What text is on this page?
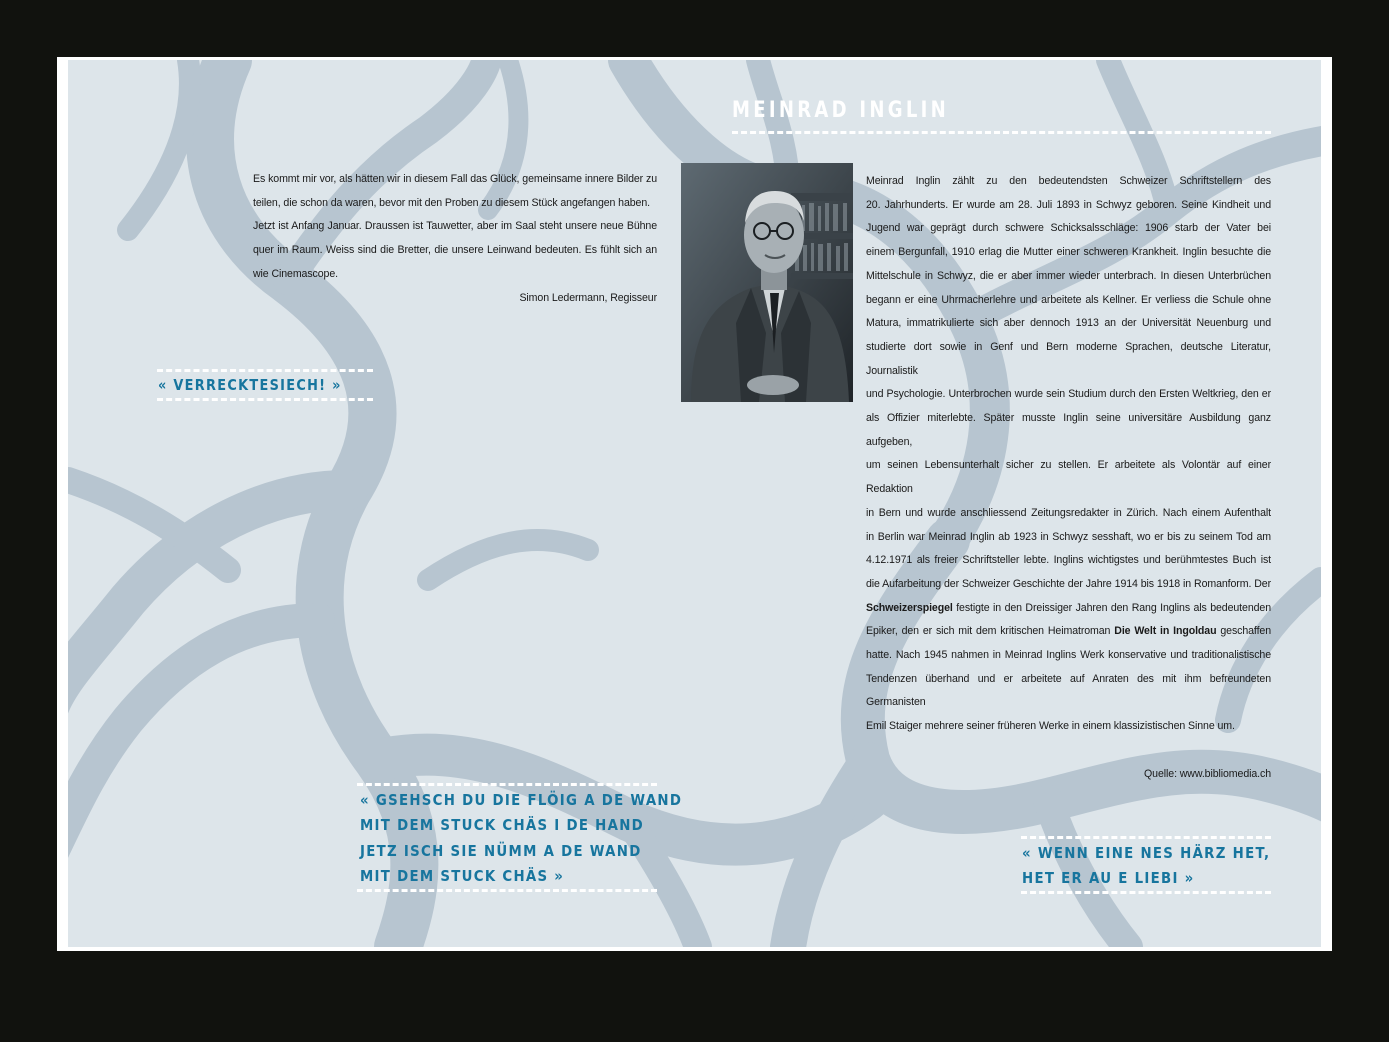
Es kommt mir vor, als hätten wir in diesem Fall das Glück, gemeinsame innere Bilder zu
teilen, die schon da waren, bevor mit den Proben zu diesem Stück angefangen haben.
Jetzt ist Anfang Januar. Draussen ist Tauwetter, aber im Saal steht unsere neue Bühne
quer im Raum. Weiss sind die Bretter, die unsere Leinwand bedeuten. Es fühlt sich an
wie Cinemascope.
Simon Ledermann, Regisseur
« VERRECKTESIECH! »
« GSEHSCH DU DIE FLÖIG A DE WAND
MIT DEM STUCK CHÄS I DE HAND
JETZ ISCH SIE NÜMM A DE WAND
MIT DEM STUCK CHÄS »
MEINRAD INGLIN
Meinrad Inglin zählt zu den bedeutendsten Schweizer Schriftstellern des
20. Jahrhunderts. Er wurde am 28. Juli 1893 in Schwyz geboren. Seine Kindheit und
Jugend war geprägt durch schwere Schicksalsschläge: 1906 starb der Vater bei
einem Bergunfall, 1910 erlag die Mutter einer schweren Krankheit. Inglin besuchte die
Mittelschule in Schwyz, die er aber immer wieder unterbrach. In diesen Unterbrüchen
begann er eine Uhrmacherlehre und arbeitete als Kellner. Er verliess die Schule ohne
Matura, immatrikulierte sich aber dennoch 1913 an der Universität Neuenburg und
studierte dort sowie in Genf und Bern moderne Sprachen, deutsche Literatur, Journalistik
und Psychologie. Unterbrochen wurde sein Studium durch den Ersten Weltkrieg, den er
als Offizier miterlebte. Später musste Inglin seine universitäre Ausbildung ganz aufgeben,
um seinen Lebensunterhalt sicher zu stellen. Er arbeitete als Volontär auf einer Redaktion
in Bern und wurde anschliessend Zeitungsredakter in Zürich. Nach einem Aufenthalt
in Berlin war Meinrad Inglin ab 1923 in Schwyz sesshaft, wo er bis zu seinem Tod am
4.12.1971 als freier Schriftsteller lebte. Inglins wichtigstes und berühmtestes Buch ist
die Aufarbeitung der Schweizer Geschichte der Jahre 1914 bis 1918 in Romanform. Der
Schweizerspiegel festigte in den Dreissiger Jahren den Rang Inglins als bedeutenden
Epiker, den er sich mit dem kritischen Heimatroman Die Welt in Ingoldau geschaffen
hatte. Nach 1945 nahmen in Meinrad Inglins Werk konservative und traditionalistische
Tendenzen überhand und er arbeitete auf Anraten des mit ihm befreundeten Germanisten
Emil Staiger mehrere seiner früheren Werke in einem klassizistischen Sinne um.
Quelle: www.bibliomedia.ch
« WENN EINE NES HÄRZ HET,
HET ER AU E LIEBI »
